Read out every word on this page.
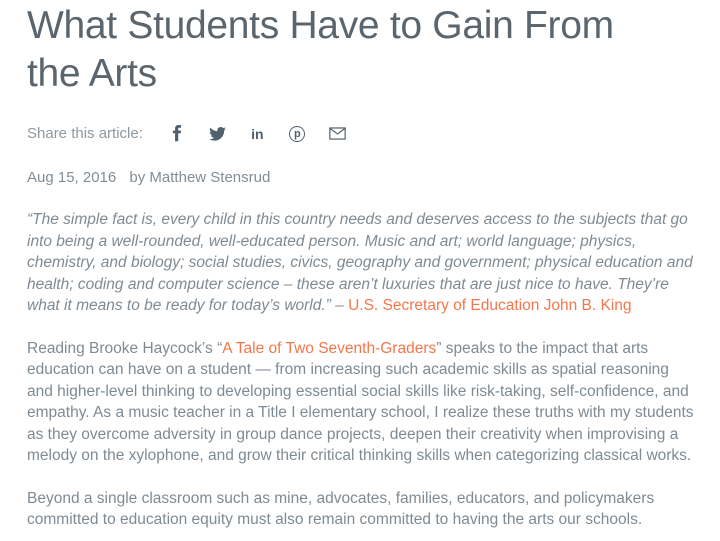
What Students Have to Gain From the Arts
Share this article:	in	p
Aug 15, 2016 by Matthew Stensrud

“The simple fact is, every child in this country needs and deserves access to the subjects that go into being a well-rounded, well-educated person. Music and art; world language; physics, chemistry, and biology; social studies, civics, geography and government; physical education and health; coding and computer science – these aren’t luxuries that are just nice to have. They’re what it means to be ready for today’s world.” – U.S. Secretary of Education John B. King

Reading Brooke Haycock’s “A Tale of Two Seventh-Graders” speaks to the impact that arts education can have on a student — from increasing such academic skills as spatial reasoning and higher-level thinking to developing essential social skills like risk-taking, self-confidence, and empathy. As a music teacher in a Title I elementary school, I realize these truths with my students as they overcome adversity in group dance projects, deepen their creativity when improvising a melody on the xylophone, and grow their critical thinking skills when categorizing classical works.

Beyond a single classroom such as mine, advocates, families, educators, and policymakers committed to education equity must also remain committed to having the arts our schools.
